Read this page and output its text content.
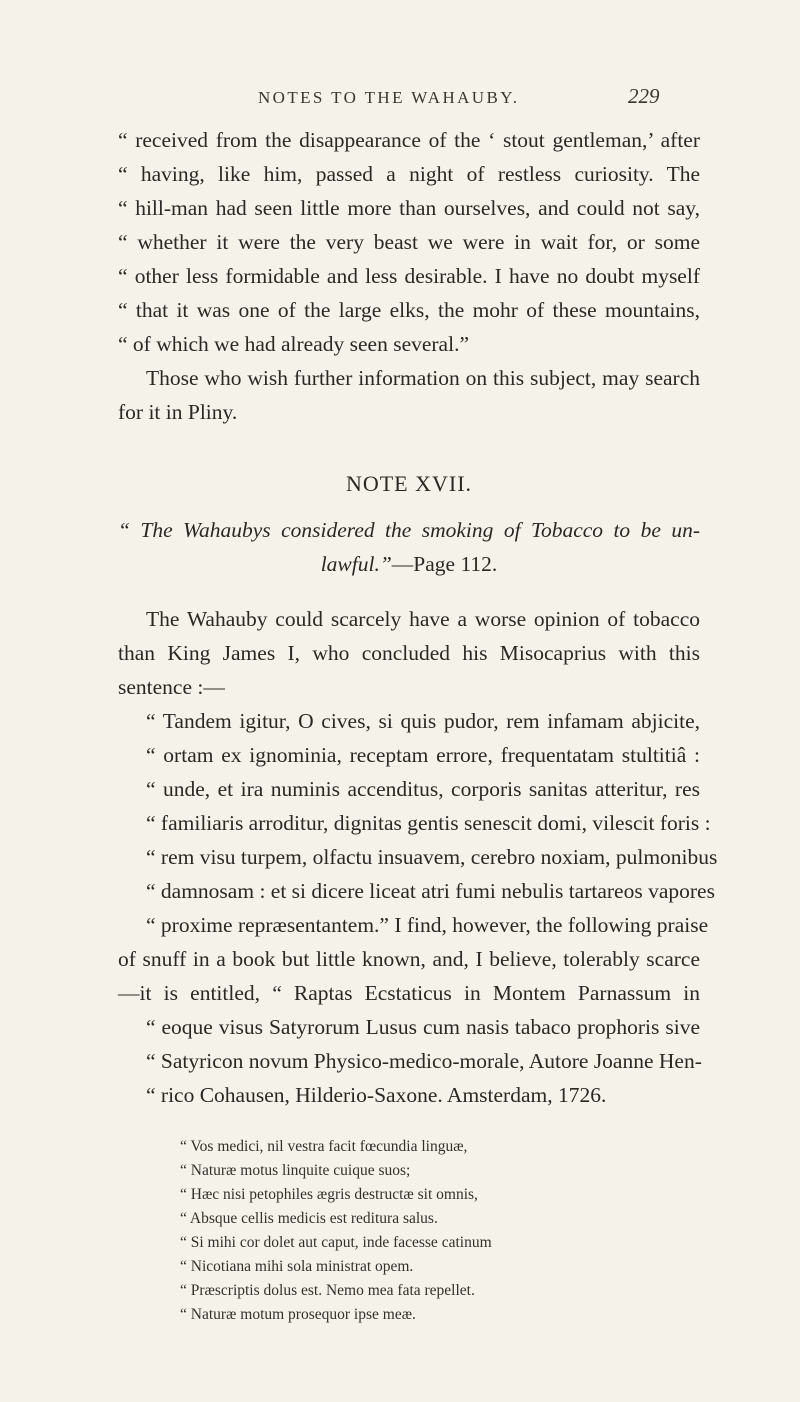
NOTES TO THE WAHAUBY.	229
“ received from the disappearance of the ‘ stout gentleman,’ after
“ having, like him, passed a night of restless curiosity. The
“ hill-man had seen little more than ourselves, and could not say,
“ whether it were the very beast we were in wait for, or some
“ other less formidable and less desirable. I have no doubt myself
“ that it was one of the large elks, the mohr of these mountains,
“ of which we had already seen several.”
Those who wish further information on this subject, may search
for it in Pliny.
NOTE XVII.
“ The Wahaubys considered the smoking of Tobacco to be un-
lawful.”—Page 112.
The Wahauby could scarcely have a worse opinion of tobacco
than King James I, who concluded his Misocaprius with this
sentence :—
“ Tandem igitur, O cives, si quis pudor, rem infamam abjicite,
“ ortam ex ignominia, receptam errore, frequentatam stultitiâ :
“ unde, et ira numinis accenditus, corporis sanitas atteritur, res
“ familiaris arroditur, dignitas gentis senescit domi, vilescit foris :
“ rem visu turpem, olfactu insuavem, cerebro noxiam, pulmonibus
“ damnosam : et si dicere liceat atri fumi nebulis tartareos vapores
“ proxime repræsentantem.” I find, however, the following praise
of snuff in a book but little known, and, I believe, tolerably scarce
—it is entitled, “ Raptas Ecstaticus in Montem Parnassum in
“ eoque visus Satyrorum Lusus cum nasis tabaco prophoris sive
“ Satyricon novum Physico-medico-morale, Autore Joanne Hen-
“ rico Cohausen, Hilderio-Saxone. Amsterdam, 1726.
“ Vos medici, nil vestra facit fœcundia linguæ,
“ Naturæ motus linquite cuique suos;
“ Hæc nisi petophiles ægris destructæ sit omnis,
“ Absque cellis medicis est reditura salus.
“ Si mihi cor dolet aut caput, inde facesse catinum
“ Nicotiana mihi sola ministrat opem.
“ Præscriptis dolus est. Nemo mea fata repellet.
“ Naturæ motum prosequor ipse meæ.
